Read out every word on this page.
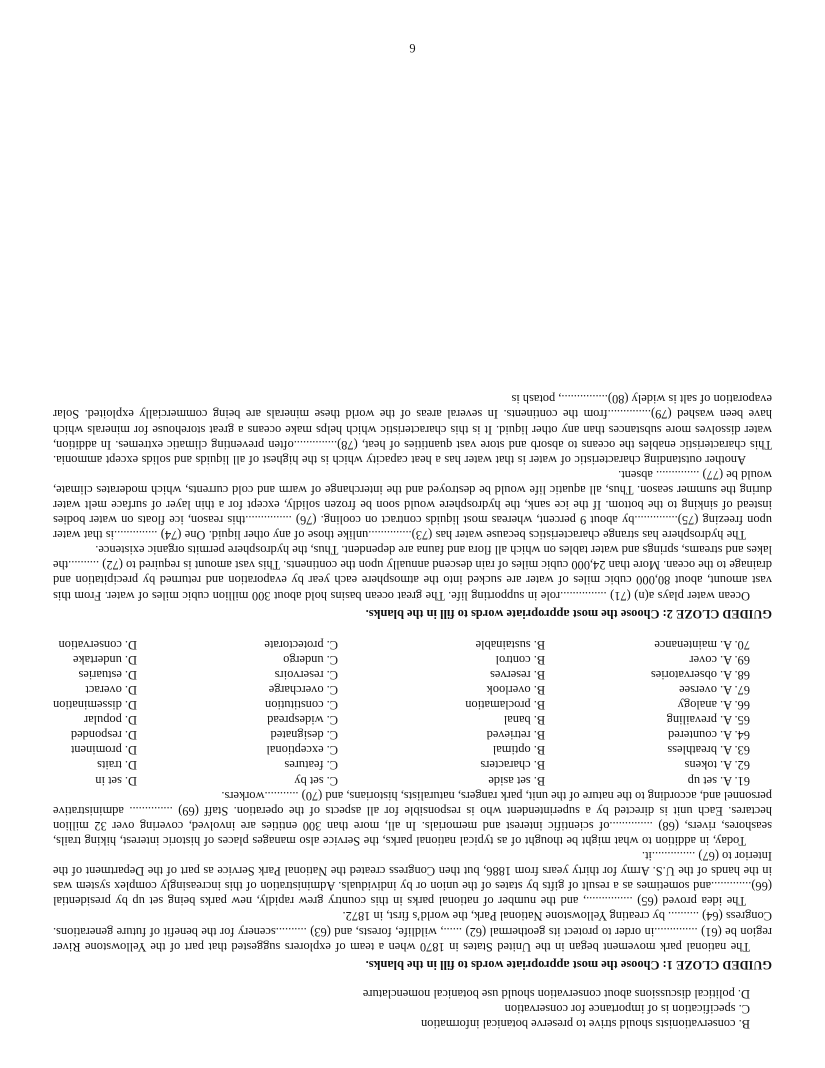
B. conservationists should strive to preserve botanical information
C. specification is of importance for conservation
D. political discussions about conservation should use botanical nomenclature
GUIDED CLOZE 1: Choose the most appropriate words to fill in the blanks.

The national park movement began in the United States in 1870 when a team of explorers suggested that part of the Yellowstone River region be (61) ..............in order to protect its geothermal (62) ......, wildlife, forests, and (63) ..........scenery for the benefit of future generations. Congress (64) .......... by creating Yellowstone National Park, the world’s first, in 1872.

The idea proved (65) ..............., and the number of national parks in this country grew rapidly, new parks being set up by presidential (66).............and sometimes as a result of gifts by states of the union or by individuals. Administration of this increasingly complex system was in the hands of the U.S. Army for thirty years from 1886, but then Congress created the National Park Service as part of the Department of the Interior to (67) ..............it.

Today, in addition to what might be thought of as typical national parks, the Service also manages places of historic interest, hiking trails, seashores, rivers, (68) ..............of scientific interest and memorials. In all, more than 300 entities are involved, covering over 32 million hectares. Each unit is directed by a superintendent who is responsible for all aspects of the operation. Staff (69) .............. administrative personnel and, according to the nature of the unit, park rangers, naturalists, historians, and (70) ...........workers.

61. A. set up	B. set aside	C. set by	D. set in
62. A. tokens	B. characters	C. features	D. traits
63. A. breathless	B. optimal	C. exceptional	D. prominent
64. A. countered	B. retrieved	C. designated	D. responded
65. A. prevailing	B. banal	C. widespread	D. popular
66. A. analogy	B. proclamation	C. constitution	D. dissemination
67. A. oversee	B. overlook	C. overcharge	D. overact
68. A. observatories	B. reserves	C. reservoirs	D. estuaries
69. A. cover	B. control	C. undergo	D. undertake
70. A. maintenance	B. sustainable	C. protectorate	D. conservation
GUIDED CLOZE 2: Choose the most appropriate words to fill in the blanks.

Ocean water plays a(n) (71) ...............role in supporting life. The great ocean basins hold about 300 million cubic miles of water. From this vast amount, about 80,000 cubic miles of water are sucked into the atmosphere each year by evaporation and returned by precipitation and drainage to the ocean. More than 24,000 cubic miles of rain descend annually upon the continents. This vast amount is required to (72) ..........the lakes and streams, springs and water tables on which all flora and fauna are dependent. Thus, the hydrosphere permits organic existence.

The hydrosphere has strange characteristics because water has (73)..............unlike those of any other liquid. One (74) ..............is that water upon freezing (75)..............by about 9 percent, whereas most liquids contract on cooling. (76) ...............this reason, ice floats on water bodies instead of sinking to the bottom. If the ice sank, the hydrosphere would soon be frozen solidly, except for a thin layer of surface melt water during the summer season. Thus, all aquatic life would be destroyed and the interchange of warm and cold currents, which moderates climate, would be (77) .............. absent.

Another outstanding characteristic of water is that water has a heat capacity which is the highest of all liquids and solids except ammonia. This characteristic enables the oceans to absorb and store vast quantities of heat, (78)..............often preventing climatic extremes. In addition, water dissolves more substances than any other liquid. It is this characteristic which helps make oceans a great storehouse for minerals which have been washed (79)..............from the continents. In several areas of the world these minerals are being commercially exploited. Solar evaporation of salt is widely (80)..............., potash is

6
